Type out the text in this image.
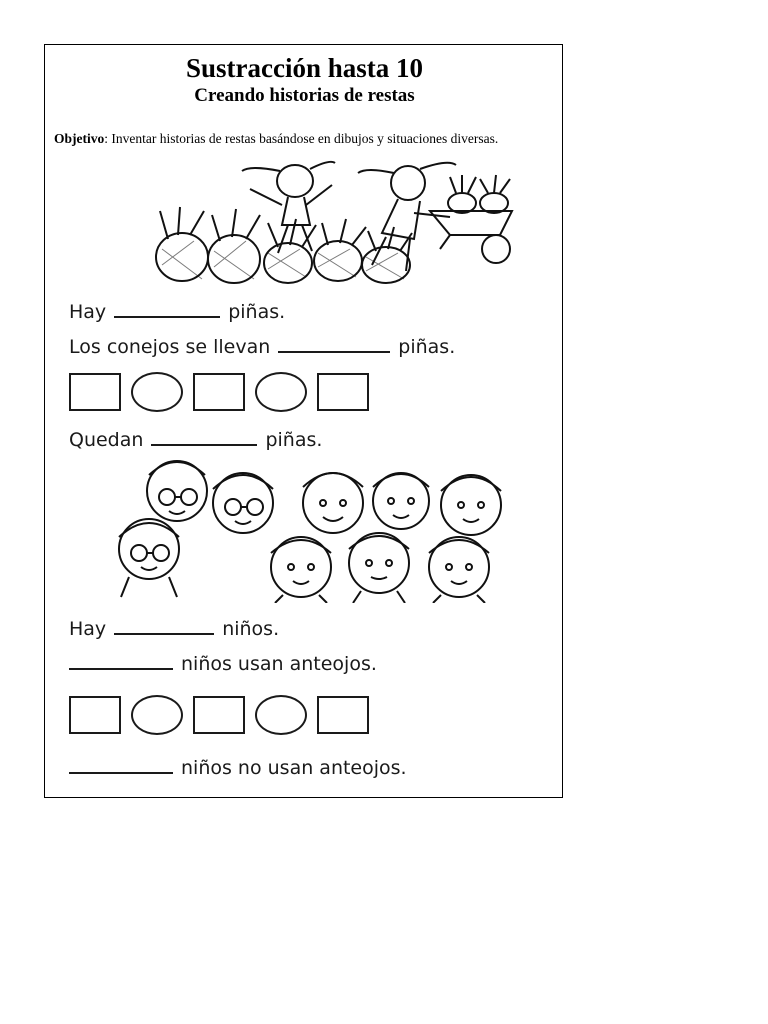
Sustracción hasta 10
Creando historias de restas
Objetivo: Inventar historias de restas basándose en dibujos y situaciones diversas.
Hay	piñas.
Los conejos se llevan	piñas.
Quedan	piñas.
Hay	niños.
niños usan anteojos.
niños no usan anteojos.
